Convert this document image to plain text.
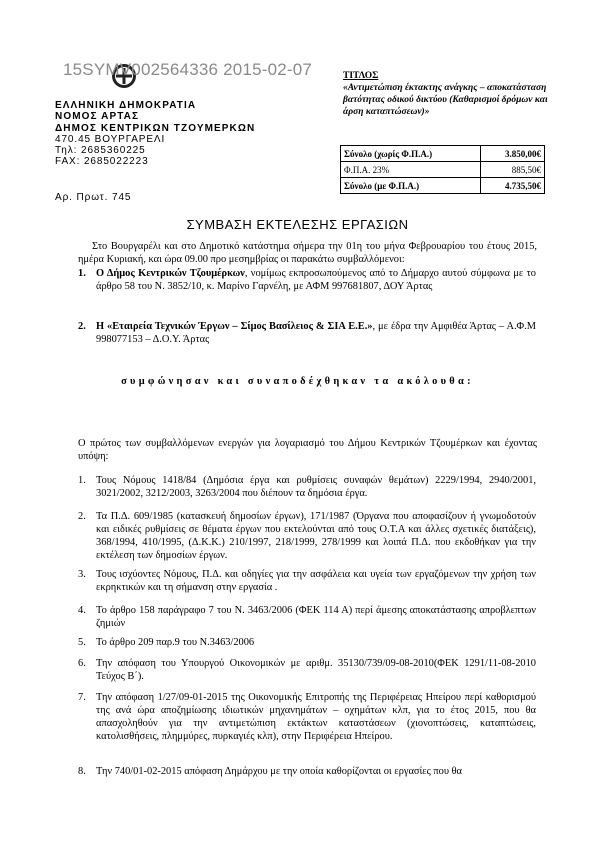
15SYMV002564336 2015-02-07
ΕΛΛΗΝΙΚΗ ΔΗΜΟΚΡΑΤΙΑ
ΝΟΜΟΣ ΑΡΤΑΣ
ΔΗΜΟΣ ΚΕΝΤΡΙΚΩΝ ΤΖΟΥΜΕΡΚΩΝ
470.45 ΒΟΥΡΓΑΡΕΛΙ
Τηλ: 2685360225
FAX: 2685022223
Αρ. Πρωτ. 745
ΤΙΤΛΟΣ
«Αντιμετώπιση έκτακτης ανάγκης – αποκατάσταση βατότητας οδικού δικτύου (Καθαρισμοί δρόμων και άρση καταπτώσεων)»
Σύνολο (χωρίς Φ.Π.Α.)	3.850,00€
Φ.Π.Α. 23%	885,50€
Σύνολο (με Φ.Π.Α.)	4.735,50€
ΣΥΜΒΑΣΗ ΕΚΤΕΛΕΣΗΣ ΕΡΓΑΣΙΩΝ
Στο Βουργαρέλι και στο Δημοτικό κατάστημα σήμερα την 01η του μήνα Φεβρουαρίου του έτους 2015, ημέρα Κυριακή, και ώρα 09.00 προ μεσημβρίας οι παρακάτω συμβαλλόμενοι:
1. Ο Δήμος Κεντρικών Τζουμέρκων, νομίμως εκπροσωπούμενος από το Δήμαρχο αυτού σύμφωνα με το άρθρο 58 του Ν. 3852/10, κ. Μαρίνο Γαρνέλη, με ΑΦΜ 997681807, ΔΟΥ Άρτας
2. Η «Εταιρεία Τεχνικών Έργων – Σίμος Βασίλειος & ΣΙΑ Ε.Ε.», με έδρα την Αμφιθέα Άρτας – Α.Φ.Μ 998077153 – Δ.Ο.Υ. Άρτας
συμφώνησαν και συναποδέχθηκαν τα ακόλουθα:
Ο πρώτος των συμβαλλόμενων ενεργών για λογαριασμό του Δήμου Κεντρικών Τζουμέρκων και έχοντας υπόψη:
1. Τους Νόμους 1418/84 (Δημόσια έργα και ρυθμίσεις συναφών θεμάτων) 2229/1994, 2940/2001, 3021/2002, 3212/2003, 3263/2004 που διέπουν τα δημόσια έργα.
2. Τα Π.Δ. 609/1985 (κατασκευή δημοσίων έργων), 171/1987 (Όργανα που αποφασίζουν ή γνωμοδοτούν και ειδικές ρυθμίσεις σε θέματα έργων που εκτελούνται από τους Ο.Τ.Α και άλλες σχετικές διατάξεις), 368/1994, 410/1995, (Δ.Κ.Κ.) 210/1997, 218/1999, 278/1999 και λοιπά Π.Δ. που εκδοθήκαν για την εκτέλεση των δημοσίων έργων.
3. Τους ισχύοντες Νόμους, Π.Δ. και οδηγίες για την ασφάλεια και υγεία των εργαζόμενων την χρήση των εκρηκτικών και τη σήμανση στην εργασία .
4. Το άρθρο 158 παράγραφο 7 του Ν. 3463/2006 (ΦΕΚ 114 Α) περί άμεσης αποκατάστασης απροβλεπτων ζημιών
5. Το άρθρο 209 παρ.9 του Ν.3463/2006
6. Την απόφαση του Υπουργού Οικονομικών με αριθμ. 35130/739/09-08-2010(ΦΕΚ 1291/11-08-2010 Τεύχος Β΄).
7. Την απόφαση 1/27/09-01-2015 της Οικονομικής Επιτροπής της Περιφέρειας Ηπείρου περί καθορισμού της ανά ώρα αποζημίωσης ιδιωτικών μηχανημάτων – οχημάτων κλπ, για το έτος 2015, που θα απασχοληθούν για την αντιμετώπιση εκτάκτων καταστάσεων (χιονοπτώσεις, καταπτώσεις, κατολισθήσεις, πλημμύρες, πυρκαγιές κλπ), στην Περιφέρεια Ηπείρου.
8. Την 740/01-02-2015 απόφαση Δημάρχου με την οποία καθορίζονται οι εργασίες που θα
